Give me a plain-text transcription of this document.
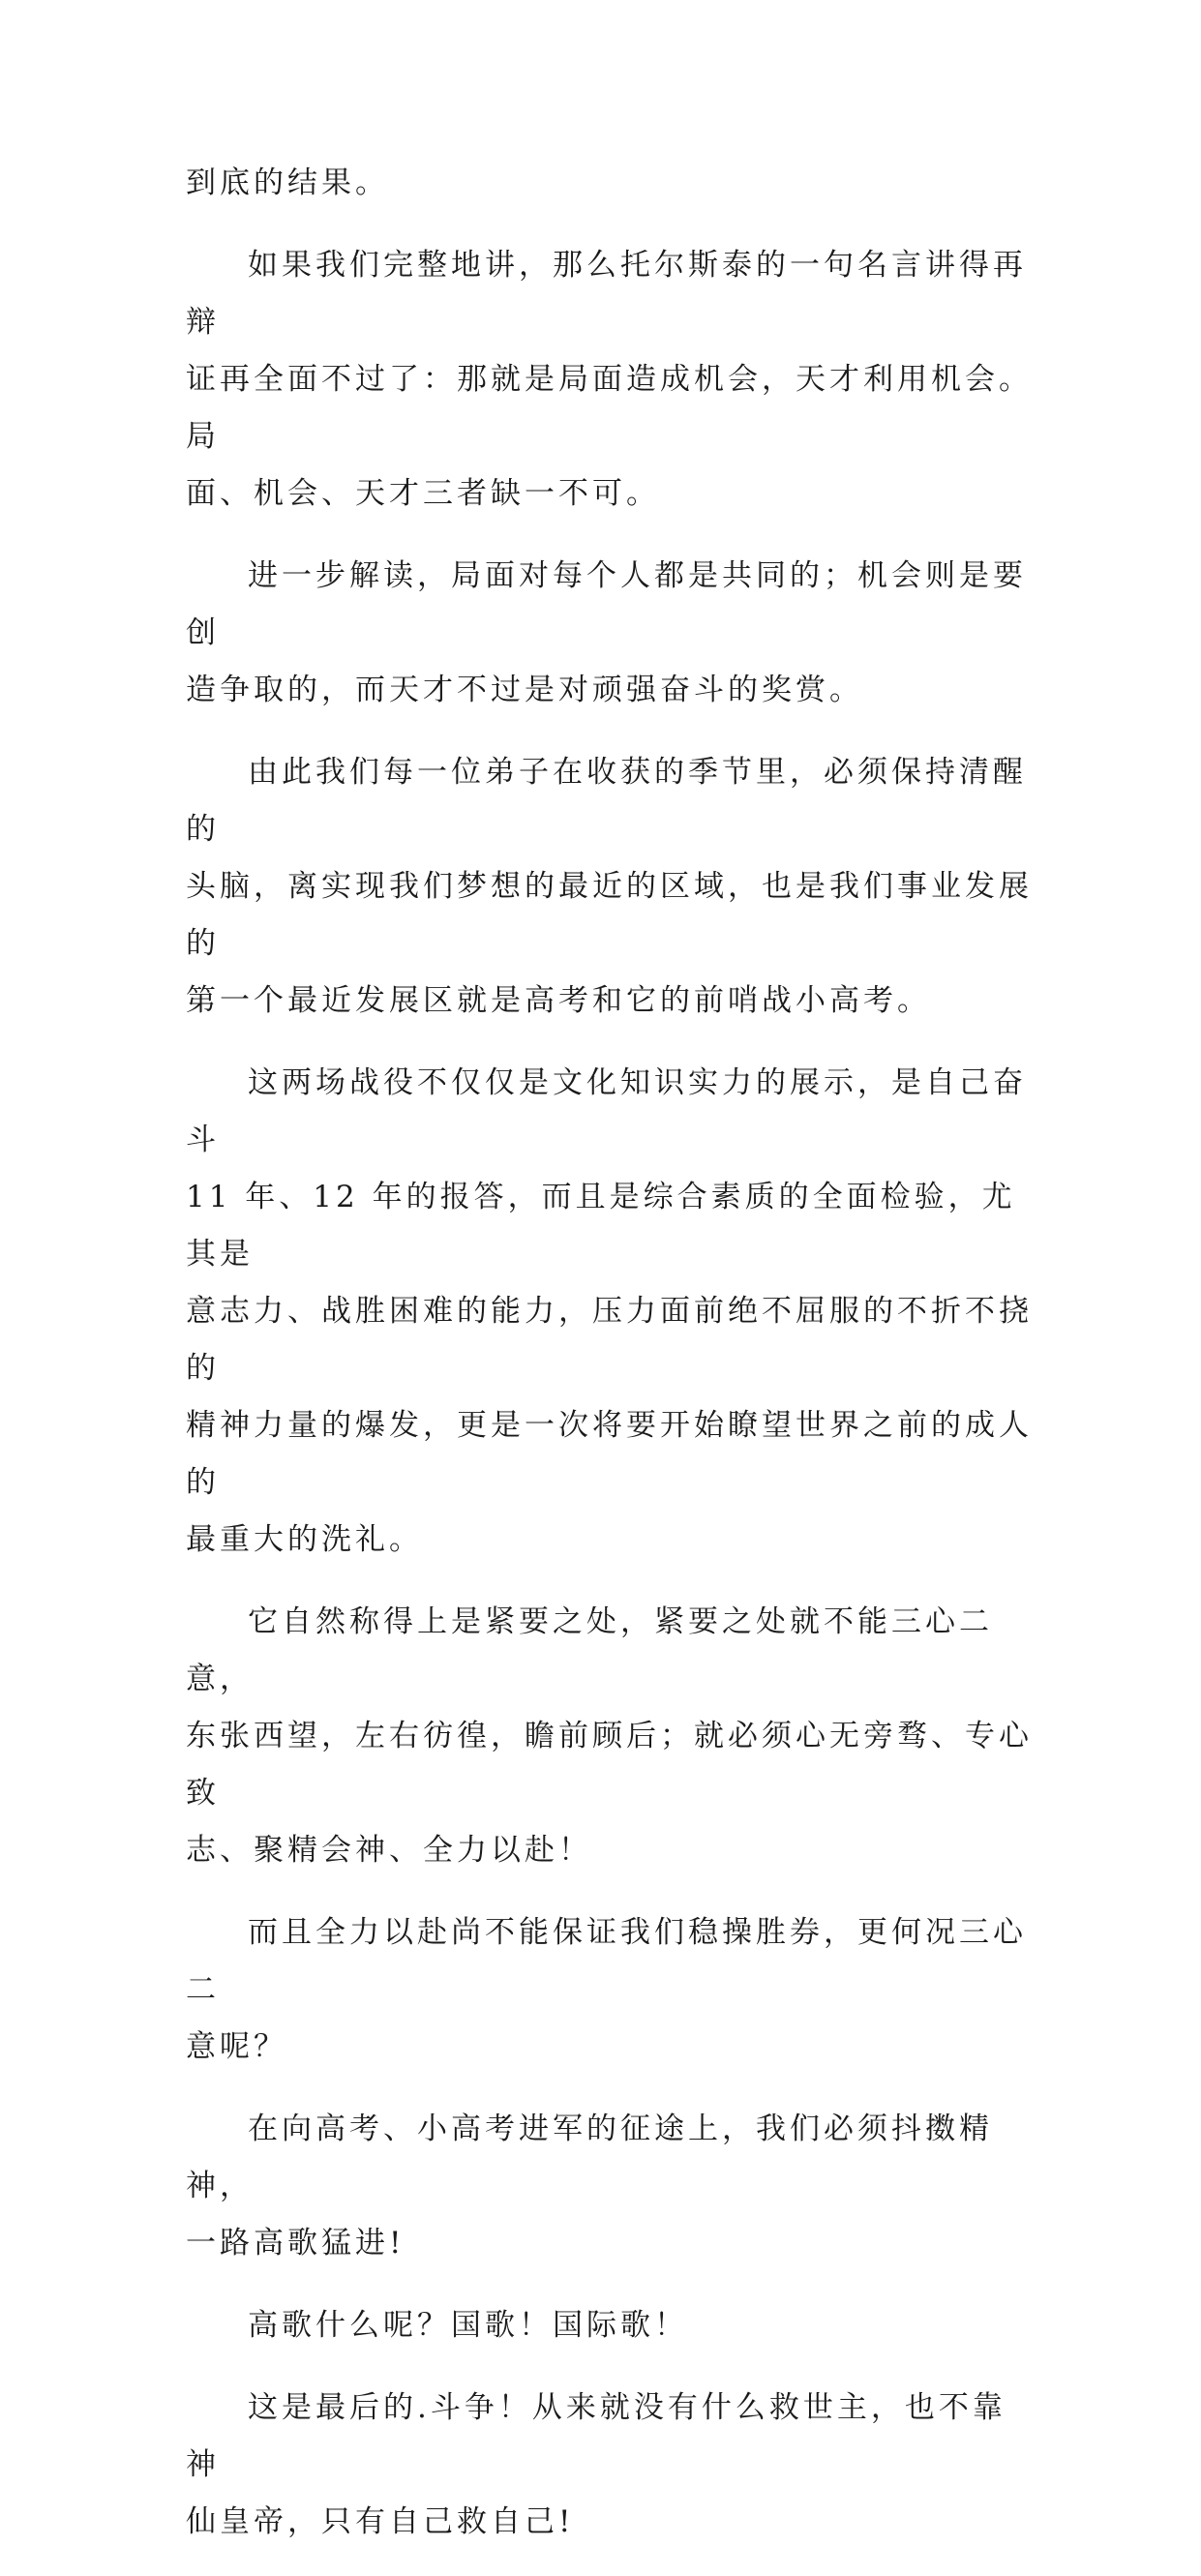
到底的结果。

如果我们完整地讲，那么托尔斯泰的一句名言讲得再辩
证再全面不过了：那就是局面造成机会，天才利用机会。局
面、机会、天才三者缺一不可。

进一步解读，局面对每个人都是共同的；机会则是要创
造争取的，而天才不过是对顽强奋斗的奖赏。

由此我们每一位弟子在收获的季节里，必须保持清醒的
头脑，离实现我们梦想的最近的区域，也是我们事业发展的
第一个最近发展区就是高考和它的前哨战小高考。

这两场战役不仅仅是文化知识实力的展示，是自己奋斗
11 年、12 年的报答，而且是综合素质的全面检验，尤其是
意志力、战胜困难的能力，压力面前绝不屈服的不折不挠的
精神力量的爆发，更是一次将要开始瞭望世界之前的成人的
最重大的洗礼。

它自然称得上是紧要之处，紧要之处就不能三心二意，
东张西望，左右彷徨，瞻前顾后；就必须心无旁骛、专心致
志、聚精会神、全力以赴！

而且全力以赴尚不能保证我们稳操胜券，更何况三心二
意呢？

在向高考、小高考进军的征途上，我们必须抖擞精神，
一路高歌猛进!

高歌什么呢？国歌！国际歌！

这是最后的.斗争！从来就没有什么救世主，也不靠神
仙皇帝，只有自己救自己!
